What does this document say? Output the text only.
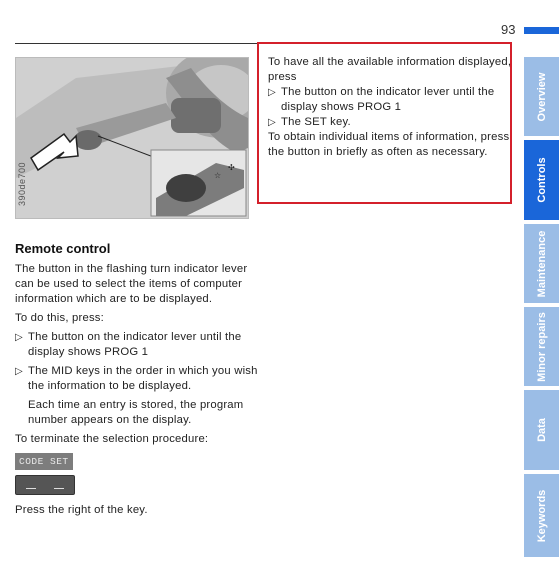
93
☆
✣
390de700
Remote control

The button in the flashing turn indicator lever can be used to select the items of computer information which are to be displayed.

To do this, press:

▷ The button on the indicator lever until the display shows PROG 1

▷ The MID keys in the order in which you wish the information to be displayed.

Each time an entry is stored, the program number appears on the display.

To terminate the selection procedure:

CODE SET

Press the right of the key.

To have all the available information displayed, press

▷ The button on the indicator lever until the display shows PROG 1

▷ The SET key.

To obtain individual items of information, press the button in briefly as often as necessary.

Overview
Controls
Maintenance
Minor repairs
Data
Keywords
